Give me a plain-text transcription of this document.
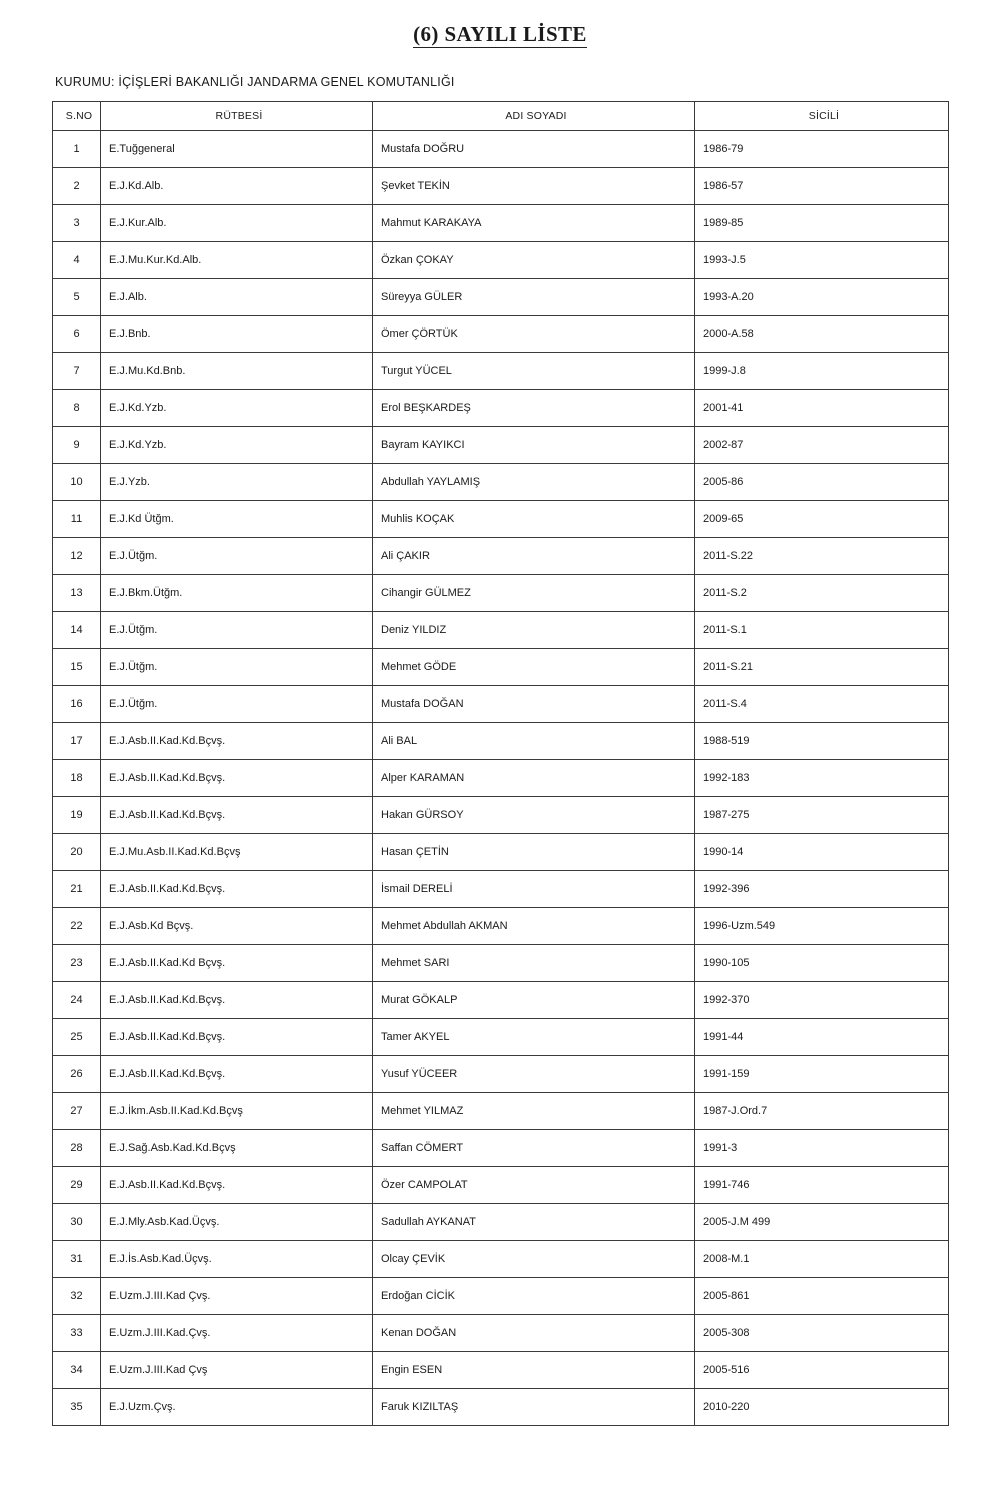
(6) SAYILI LİSTE
KURUMU: İÇİŞLERİ BAKANLIĞI JANDARMA GENEL KOMUTANLIĞI
S.NO	RÜTBESİ	ADI SOYADI	SİCİLİ

1	E.Tuğgeneral	Mustafa DOĞRU	1986-79

2	E.J.Kd.Alb.	Şevket TEKİN	1986-57

3	E.J.Kur.Alb.	Mahmut KARAKAYA	1989-85

4	E.J.Mu.Kur.Kd.Alb.	Özkan ÇOKAY	1993-J.5

5	E.J.Alb.	Süreyya GÜLER	1993-A.20

6	E.J.Bnb.	Ömer ÇÖRTÜK	2000-A.58

7	E.J.Mu.Kd.Bnb.	Turgut YÜCEL	1999-J.8

8	E.J.Kd.Yzb.	Erol BEŞKARDEŞ	2001-41

9	E.J.Kd.Yzb.	Bayram KAYIKCI	2002-87

10	E.J.Yzb.	Abdullah YAYLAMIŞ	2005-86

11	E.J.Kd Ütğm.	Muhlis KOÇAK	2009-65

12	E.J.Ütğm.	Ali ÇAKIR	2011-S.22

13	E.J.Bkm.Ütğm.	Cihangir GÜLMEZ	2011-S.2

14	E.J.Ütğm.	Deniz YILDIZ	2011-S.1

15	E.J.Ütğm.	Mehmet GÖDE	2011-S.21

16	E.J.Ütğm.	Mustafa DOĞAN	2011-S.4

17	E.J.Asb.II.Kad.Kd.Bçvş.	Ali BAL	1988-519

18	E.J.Asb.II.Kad.Kd.Bçvş.	Alper KARAMAN	1992-183

19	E.J.Asb.II.Kad.Kd.Bçvş.	Hakan GÜRSOY	1987-275

20	E.J.Mu.Asb.II.Kad.Kd.Bçvş	Hasan ÇETİN	1990-14

21	E.J.Asb.II.Kad.Kd.Bçvş.	İsmail DERELİ	1992-396

22	E.J.Asb.Kd Bçvş.	Mehmet Abdullah AKMAN	1996-Uzm.549

23	E.J.Asb.II.Kad.Kd Bçvş.	Mehmet SARI	1990-105

24	E.J.Asb.II.Kad.Kd.Bçvş.	Murat GÖKALP	1992-370

25	E.J.Asb.II.Kad.Kd.Bçvş.	Tamer AKYEL	1991-44

26	E.J.Asb.II.Kad.Kd.Bçvş.	Yusuf YÜCEER	1991-159

27	E.J.İkm.Asb.II.Kad.Kd.Bçvş	Mehmet YILMAZ	1987-J.Ord.7

28	E.J.Sağ.Asb.Kad.Kd.Bçvş	Saffan CÖMERT	1991-3

29	E.J.Asb.II.Kad.Kd.Bçvş.	Özer CAMPOLAT	1991-746

30	E.J.Mly.Asb.Kad.Üçvş.	Sadullah AYKANAT	2005-J.M 499

31	E.J.İs.Asb.Kad.Üçvş.	Olcay ÇEVİK	2008-M.1

32	E.Uzm.J.III.Kad Çvş.	Erdoğan CİCİK	2005-861

33	E.Uzm.J.III.Kad.Çvş.	Kenan DOĞAN	2005-308

34	E.Uzm.J.III.Kad Çvş	Engin ESEN	2005-516

35	E.J.Uzm.Çvş.	Faruk KIZILTAŞ	2010-220
